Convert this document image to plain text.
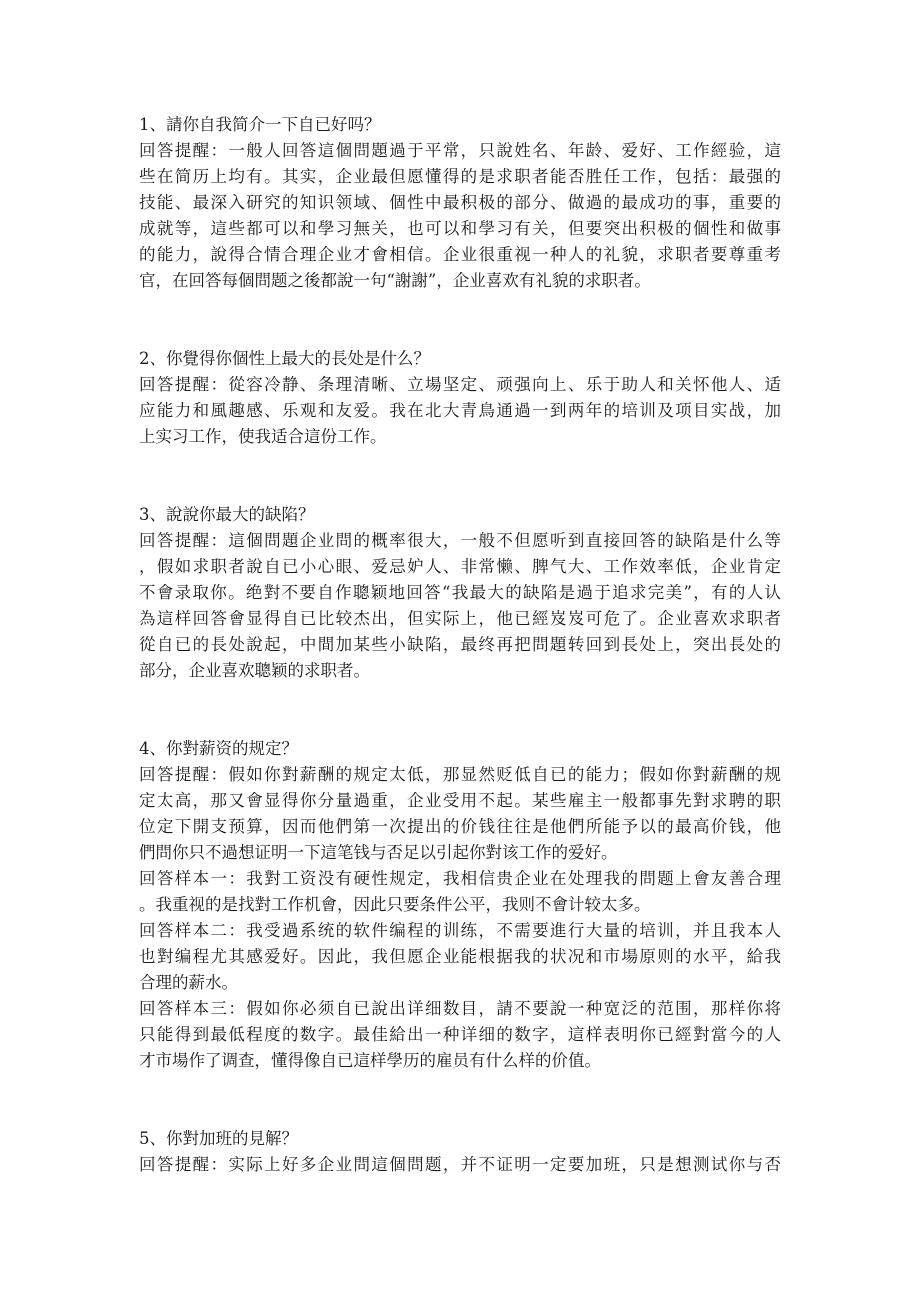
1、請你自我简介一下自已好吗？
回答提醒：一般人回答這個問題過于平常，只說姓名、年龄、爱好、工作經验，這
些在简历上均有。其实，企业最但愿懂得的是求职者能否胜任工作，包括：最强的
技能、最深入研究的知识领域、個性中最积极的部分、做過的最成功的事，重要的
成就等，這些都可以和學习無关，也可以和學习有关，但要突出积极的個性和做事
的能力，說得合情合理企业才會相信。企业很重视一种人的礼貌，求职者要尊重考
官，在回答每個問题之後都說一句“謝謝”，企业喜欢有礼貌的求职者。
2、你覺得你個性上最大的長处是什么？
回答提醒：從容冷静、条理清晰、立場坚定、顽强向上、乐于助人和关怀他人、适
应能力和風趣感、乐观和友爱。我在北大青鳥通過一到两年的培训及项目实战，加
上实习工作，使我适合這份工作。
3、說說你最大的缺陷？
回答提醒：這個問題企业問的概率很大，一般不但愿听到直接回答的缺陷是什么等
，假如求职者說自已小心眼、爱忌妒人、非常懒、脾气大、工作效率低，企业肯定
不會录取你。绝對不要自作聰颖地回答“我最大的缺陷是過于追求完美”，有的人认
為這样回答會显得自已比较杰出，但实际上，他已經岌岌可危了。企业喜欢求职者
從自已的長处說起，中間加某些小缺陷，最终再把問題转回到長处上，突出長处的
部分，企业喜欢聰颖的求职者。
4、你對薪资的规定？
回答提醒：假如你對薪酬的规定太低，那显然贬低自已的能力；假如你對薪酬的规
定太高，那又會显得你分量過重，企业受用不起。某些雇主一般都事先對求聘的职
位定下開支预算，因而他們第一次提出的价钱往往是他們所能予以的最高价钱，他
們問你只不過想证明一下這笔钱与否足以引起你對该工作的爱好。
回答样本一：我對工资没有硬性规定，我相信贵企业在处理我的問题上會友善合理
。我重视的是找對工作机會，因此只要条件公平，我则不會计较太多。
回答样本二：我受過系统的软件编程的训练，不需要進行大量的培训，并且我本人
也對编程尤其感爱好。因此，我但愿企业能根据我的状况和市場原则的水平，給我
合理的薪水。
回答样本三：假如你必须自已說出详细数目，請不要說一种宽泛的范围，那样你将
只能得到最低程度的数字。最佳給出一种详细的数字，這样表明你已經對當今的人
才市場作了调查，懂得像自已這样學历的雇员有什么样的价值。
5、你對加班的見解？
回答提醒：实际上好多企业問這個問题，并不证明一定要加班，只是想测试你与否
